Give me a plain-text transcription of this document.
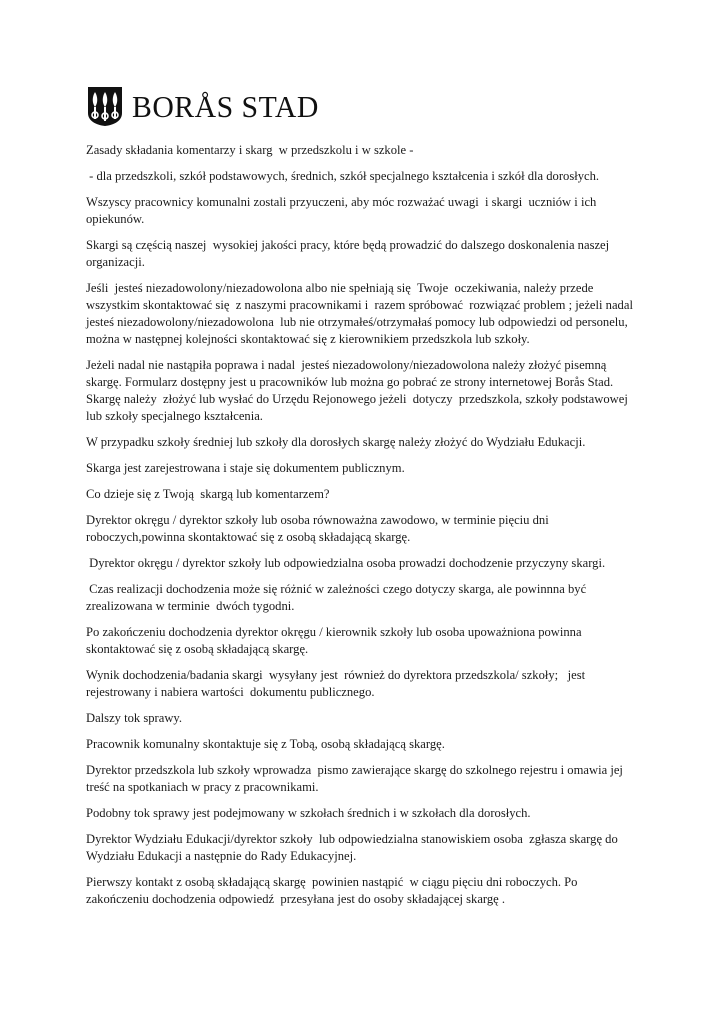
BORÅS STAD

Zasady składania komentarzy i skarg  w przedszkolu i w szkole -

- dla przedszkoli, szkół podstawowych, średnich, szkół specjalnego kształcenia i szkół dla dorosłych.

Wszyscy pracownicy komunalni zostali przyuczeni, aby móc rozważać uwagi  i skargi  uczniów i ich opiekunów.

Skargi są częścią naszej  wysokiej jakości pracy, które będą prowadzić do dalszego doskonalenia naszej organizacji.

Jeśli  jesteś niezadowolony/niezadowolona albo nie spełniają się  Twoje  oczekiwania, należy przede wszystkim skontaktować się  z naszymi pracownikami i  razem spróbować  rozwiązać problem ; jeżeli nadal  jesteś niezadowolony/niezadowolona  lub nie otrzymałeś/otrzymałaś pomocy lub odpowiedzi od personelu, można w następnej kolejności skontaktować się z kierownikiem przedszkola lub szkoły.

Jeżeli nadal nie nastąpiła poprawa i nadal  jesteś niezadowolony/niezadowolona należy złożyć pisemną skargę. Formularz dostępny jest u pracowników lub można go pobrać ze strony internetowej Borås Stad. Skargę należy  złożyć lub wysłać do Urzędu Rejonowego jeżeli  dotyczy  przedszkola, szkoły podstawowej lub szkoły specjalnego kształcenia.

W przypadku szkoły średniej lub szkoły dla dorosłych skargę należy złożyć do Wydziału Edukacji.

Skarga jest zarejestrowana i staje się dokumentem publicznym.

Co dzieje się z Twoją  skargą lub komentarzem?

Dyrektor okręgu / dyrektor szkoły lub osoba równoważna zawodowo, w terminie pięciu dni roboczych,powinna skontaktować się z osobą składającą skargę.

Dyrektor okręgu / dyrektor szkoły lub odpowiedzialna osoba prowadzi dochodzenie przyczyny skargi.

Czas realizacji dochodzenia może się różnić w zależności czego dotyczy skarga, ale powinnna być zrealizowana w terminie  dwóch tygodni.

Po zakończeniu dochodzenia dyrektor okręgu / kierownik szkoły lub osoba upoważniona powinna skontaktować się z osobą składającą skargę.

Wynik dochodzenia/badania skargi  wysyłany jest  również do dyrektora przedszkola/ szkoły;   jest rejestrowany i nabiera wartości  dokumentu publicznego.

Dalszy tok sprawy.

Pracownik komunalny skontaktuje się z Tobą, osobą składającą skargę.

Dyrektor przedszkola lub szkoły wprowadza  pismo zawierające skargę do szkolnego rejestru i omawia jej treść na spotkaniach w pracy z pracownikami.

Podobny tok sprawy jest podejmowany w szkołach średnich i w szkołach dla dorosłych.

Dyrektor Wydziału Edukacji/dyrektor szkoły  lub odpowiedzialna stanowiskiem osoba  zgłasza skargę do Wydziału Edukacji a następnie do Rady Edukacyjnej.

Pierwszy kontakt z osobą składającą skargę  powinien nastąpić  w ciągu pięciu dni roboczych. Po zakończeniu dochodzenia odpowiedź  przesyłana jest do osoby składającej skargę .
